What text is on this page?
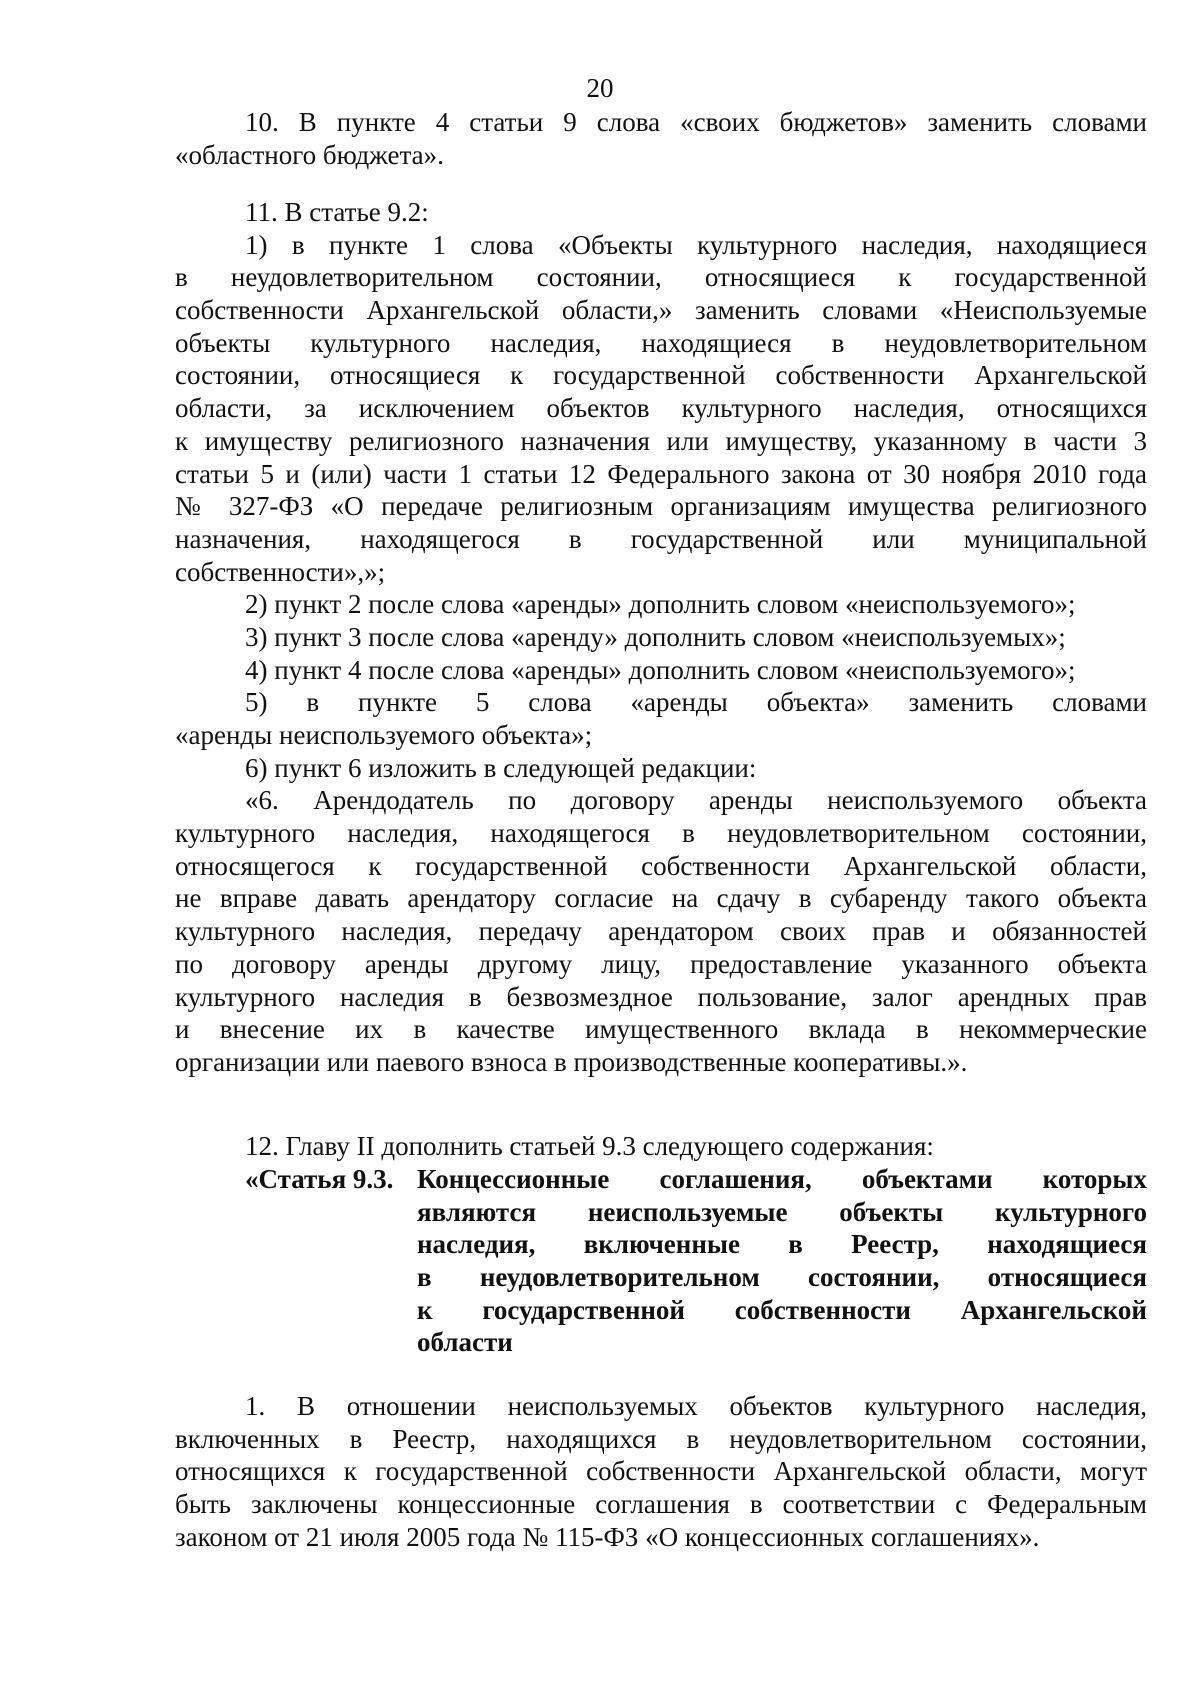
20
10. В пункте 4 статьи 9 слова «своих бюджетов» заменить словами
«областного бюджета».
11. В статье 9.2:
1) в пункте 1 слова «Объекты культурного наследия, находящиеся
в неудовлетворительном состоянии, относящиеся к государственной
собственности Архангельской области,» заменить словами «Неиспользуемые
объекты культурного наследия, находящиеся в неудовлетворительном
состоянии, относящиеся к государственной собственности Архангельской
области, за исключением объектов культурного наследия, относящихся
к имуществу религиозного назначения или имуществу, указанному в части 3
статьи 5 и (или) части 1 статьи 12 Федерального закона от 30 ноября 2010 года
№ 327-ФЗ «О передаче религиозным организациям имущества религиозного
назначения, находящегося в государственной или муниципальной
собственности»,»;
2) пункт 2 после слова «аренды» дополнить словом «неиспользуемого»;
3) пункт 3 после слова «аренду» дополнить словом «неиспользуемых»;
4) пункт 4 после слова «аренды» дополнить словом «неиспользуемого»;
5) в пункте 5 слова «аренды объекта» заменить словами
«аренды неиспользуемого объекта»;
6) пункт 6 изложить в следующей редакции:
«6. Арендодатель по договору аренды неиспользуемого объекта
культурного наследия, находящегося в неудовлетворительном состоянии,
относящегося к государственной собственности Архангельской области,
не вправе давать арендатору согласие на сдачу в субаренду такого объекта
культурного наследия, передачу арендатором своих прав и обязанностей
по договору аренды другому лицу, предоставление указанного объекта
культурного наследия в безвозмездное пользование, залог арендных прав
и внесение их в качестве имущественного вклада в некоммерческие
организации или паевого взноса в производственные кооперативы.».
12. Главу II дополнить статьей 9.3 следующего содержания:
«Статья 9.3. Концессионные соглашения, объектами которых
являются неиспользуемые объекты культурного
наследия, включенные в Реестр, находящиеся
в неудовлетворительном состоянии, относящиеся
к государственной собственности Архангельской
области
1. В отношении неиспользуемых объектов культурного наследия,
включенных в Реестр, находящихся в неудовлетворительном состоянии,
относящихся к государственной собственности Архангельской области, могут
быть заключены концессионные соглашения в соответствии с Федеральным
законом от 21 июля 2005 года № 115-ФЗ «О концессионных соглашениях».
